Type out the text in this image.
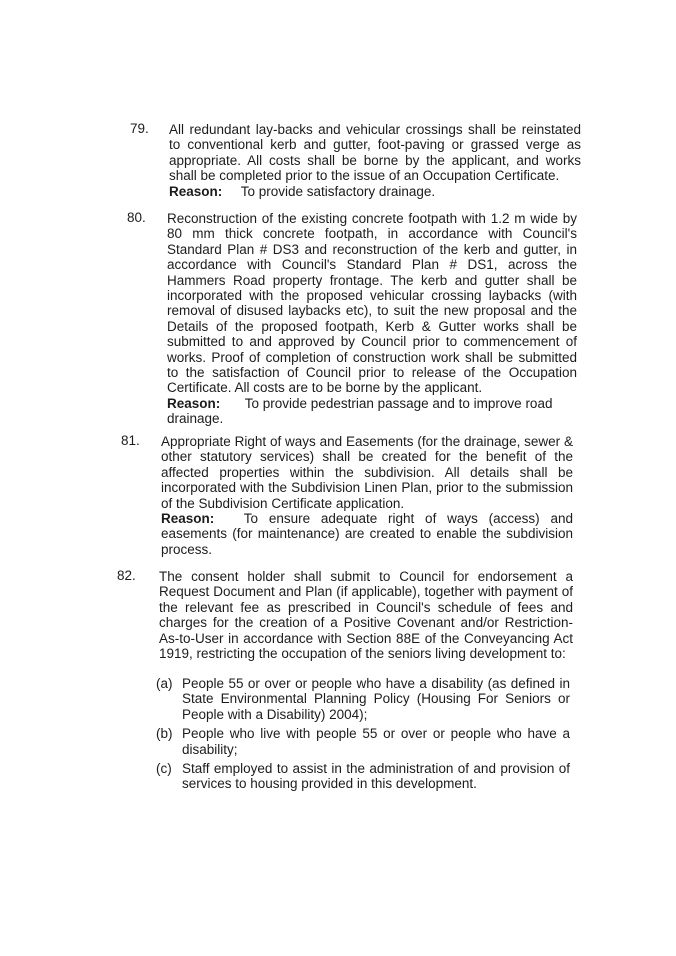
79. All redundant lay-backs and vehicular crossings shall be reinstated to conventional kerb and gutter, foot-paving or grassed verge as appropriate. All costs shall be borne by the applicant, and works shall be completed prior to the issue of an Occupation Certificate.

Reason: To provide satisfactory drainage.

80. Reconstruction of the existing concrete footpath with 1.2 m wide by 80 mm thick concrete footpath, in accordance with Council's Standard Plan # DS3 and reconstruction of the kerb and gutter, in accordance with Council's Standard Plan # DS1, across the Hammers Road property frontage. The kerb and gutter shall be incorporated with the proposed vehicular crossing laybacks (with removal of disused laybacks etc), to suit the new proposal and the Details of the proposed footpath, Kerb & Gutter works shall be submitted to and approved by Council prior to commencement of works. Proof of completion of construction work shall be submitted to the satisfaction of Council prior to release of the Occupation Certificate. All costs are to be borne by the applicant.

Reason: To provide pedestrian passage and to improve road drainage.

81. Appropriate Right of ways and Easements (for the drainage, sewer & other statutory services) shall be created for the benefit of the affected properties within the subdivision. All details shall be incorporated with the Subdivision Linen Plan, prior to the submission of the Subdivision Certificate application.

Reason: To ensure adequate right of ways (access) and easements (for maintenance) are created to enable the subdivision process.

82. The consent holder shall submit to Council for endorsement a Request Document and Plan (if applicable), together with payment of the relevant fee as prescribed in Council's schedule of fees and charges for the creation of a Positive Covenant and/or Restriction-As-to-User in accordance with Section 88E of the Conveyancing Act 1919, restricting the occupation of the seniors living development to:

(a) People 55 or over or people who have a disability (as defined in State Environmental Planning Policy (Housing For Seniors or People with a Disability) 2004);
(b) People who live with people 55 or over or people who have a disability;
(c) Staff employed to assist in the administration of and provision of services to housing provided in this development.
